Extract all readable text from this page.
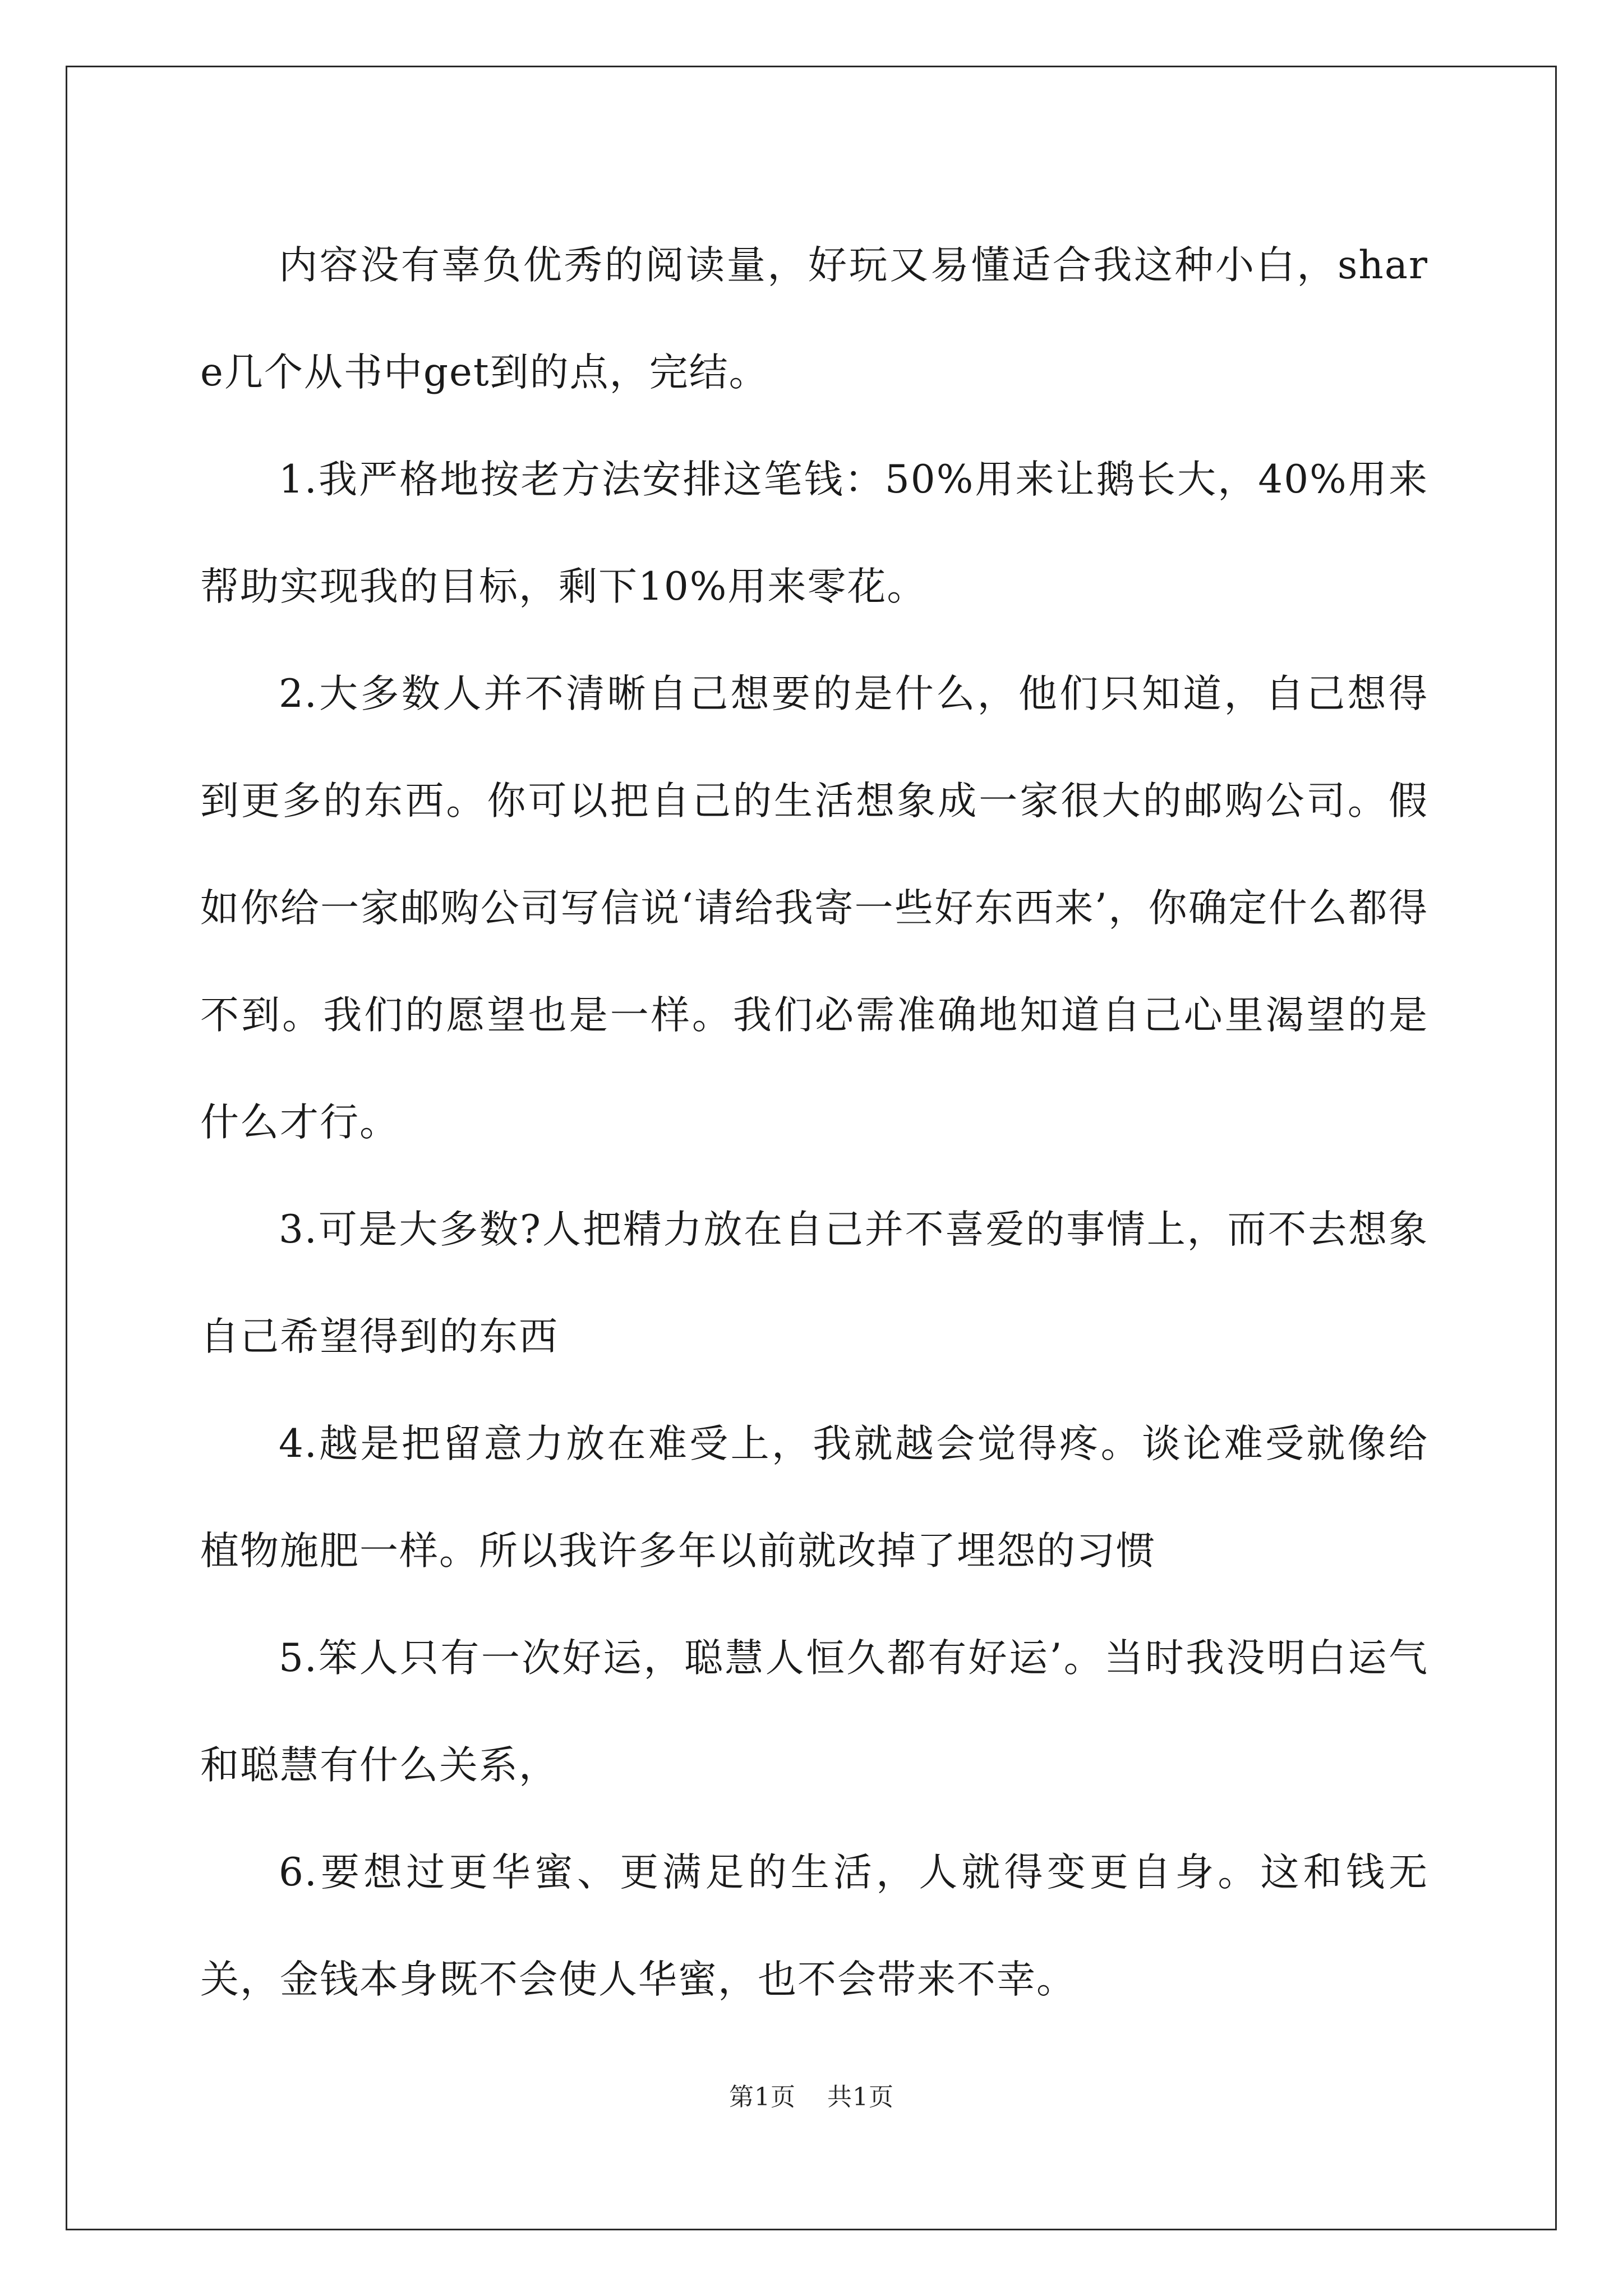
内容没有辜负优秀的阅读量，好玩又易懂适合我这种小白，share几个从书中get到的点，完结。

1.我严格地按老方法安排这笔钱：50%用来让鹅长大，40%用来帮助实现我的目标，剩下10%用来零花。

2.大多数人并不清晰自己想要的是什么，他们只知道，自己想得到更多的东西。你可以把自己的生活想象成一家很大的邮购公司。假如你给一家邮购公司写信说‘请给我寄一些好东西来’，你确定什么都得不到。我们的愿望也是一样。我们必需准确地知道自己心里渴望的是什么才行。

3.可是大多数?人把精力放在自己并不喜爱的事情上，而不去想象自己希望得到的东西

4.越是把留意力放在难受上，我就越会觉得疼。谈论难受就像给植物施肥一样。所以我许多年以前就改掉了埋怨的习惯

5.笨人只有一次好运，聪慧人恒久都有好运’。当时我没明白运气和聪慧有什么关系，

6.要想过更华蜜、更满足的生活，人就得变更自身。这和钱无关，金钱本身既不会使人华蜜，也不会带来不幸。

第1页 共1页
